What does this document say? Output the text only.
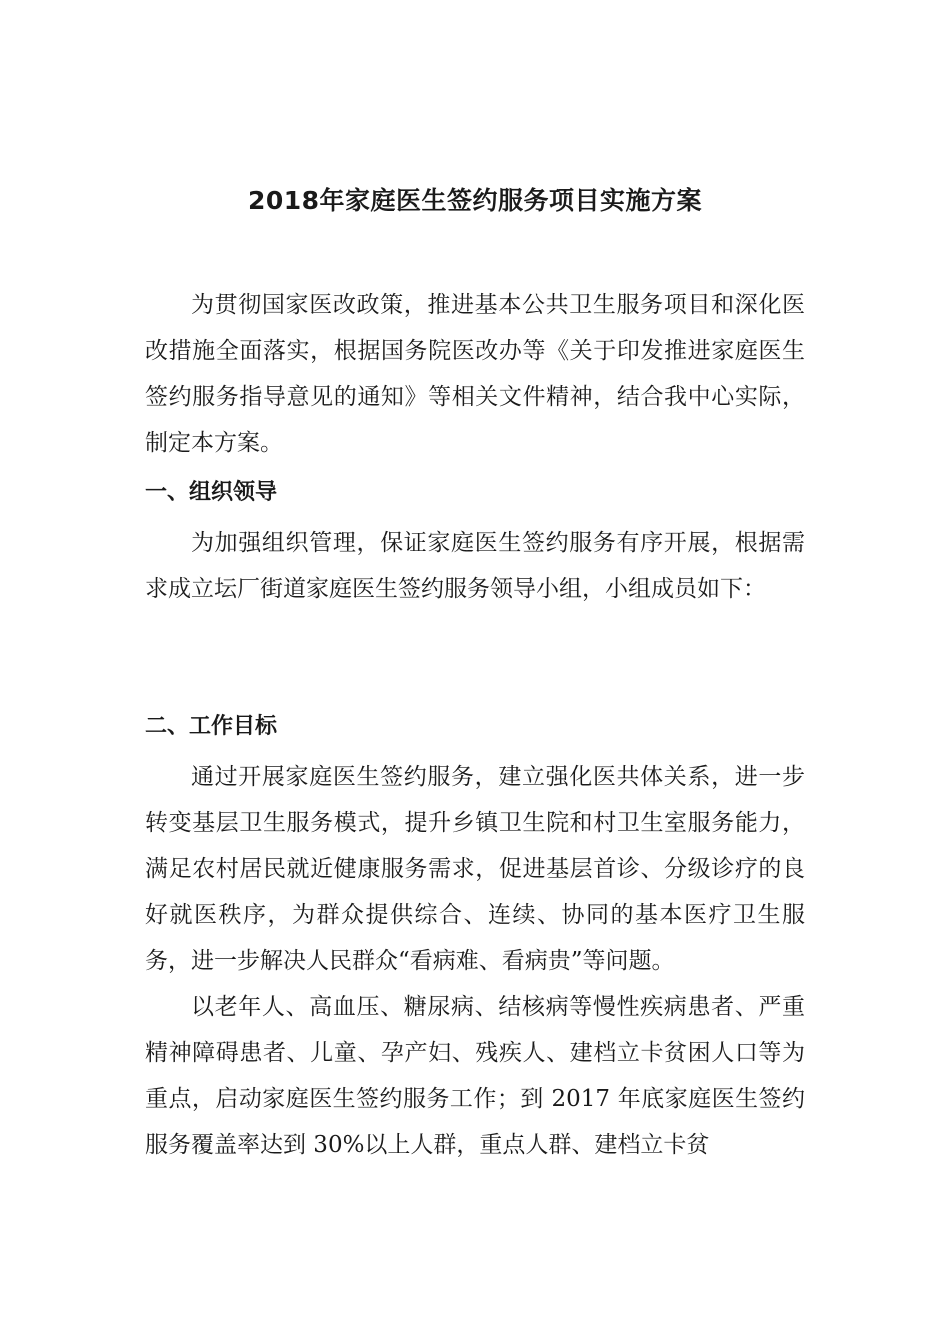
2018年家庭医生签约服务项目实施方案

为贯彻国家医改政策，推进基本公共卫生服务项目和深化医改措施全面落实，根据国务院医改办等《关于印发推进家庭医生签约服务指导意见的通知》等相关文件精神，结合我中心实际，制定本方案。

一、组织领导

为加强组织管理，保证家庭医生签约服务有序开展，根据需求成立坛厂街道家庭医生签约服务领导小组，小组成员如下：

二、工作目标

通过开展家庭医生签约服务，建立强化医共体关系，进一步转变基层卫生服务模式，提升乡镇卫生院和村卫生室服务能力，满足农村居民就近健康服务需求，促进基层首诊、分级诊疗的良好就医秩序，为群众提供综合、连续、协同的基本医疗卫生服务，进一步解决人民群众“看病难、看病贵”等问题。

以老年人、高血压、糖尿病、结核病等慢性疾病患者、严重精神障碍患者、儿童、孕产妇、残疾人、建档立卡贫困人口等为重点，启动家庭医生签约服务工作；到 2017 年底家庭医生签约服务覆盖率达到 30%以上人群，重点人群、建档立卡贫
